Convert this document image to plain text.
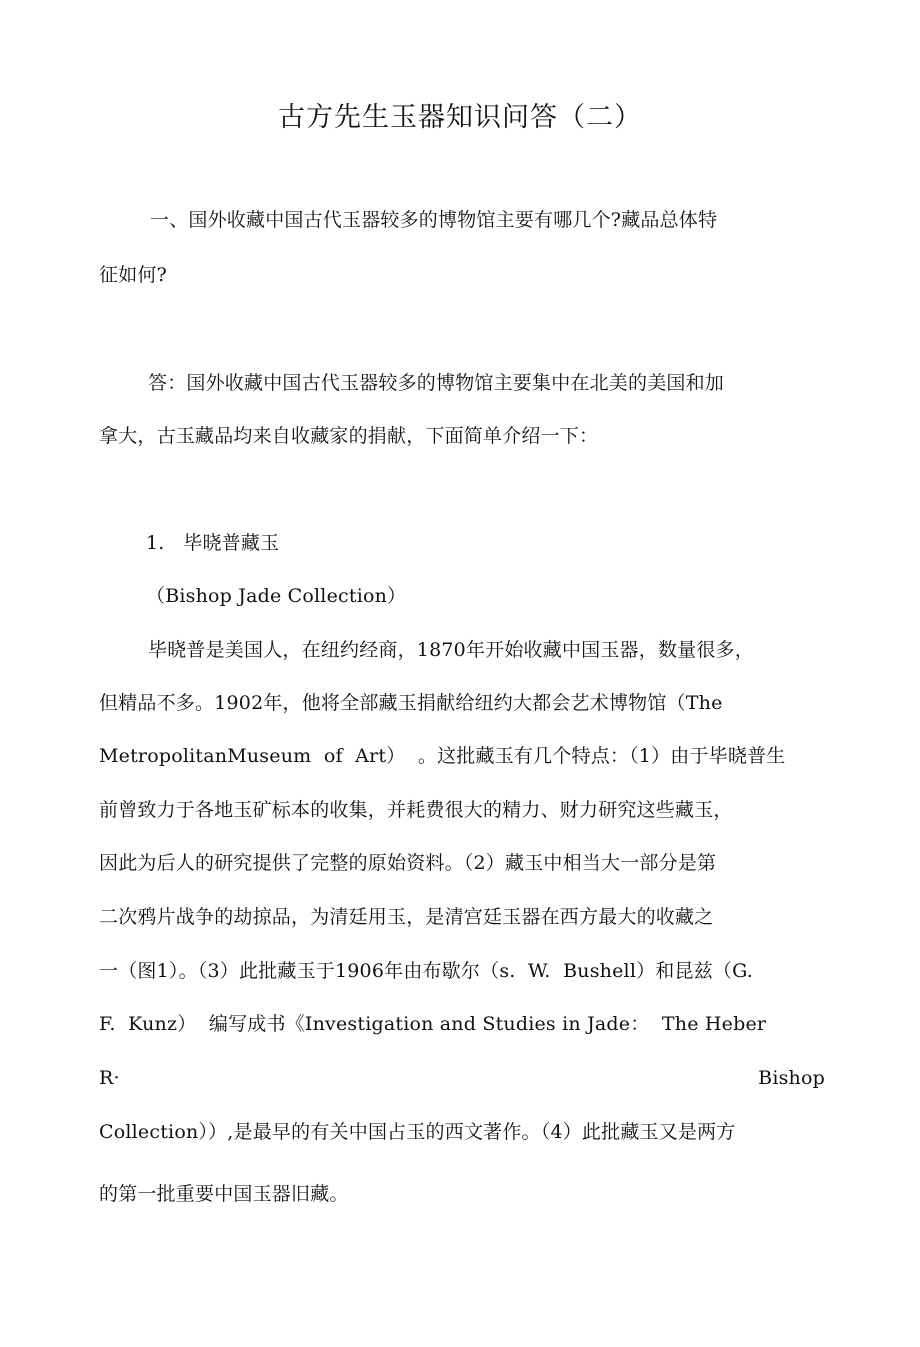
古方先生玉器知识问答（二）
一、国外收藏中国古代玉器较多的博物馆主要有哪几个?藏品总体特
征如何?
答：国外收藏中国古代玉器较多的博物馆主要集中在北美的美国和加
拿大，古玉藏品均来自收藏家的捐献，下面简单介绍一下：
1.   毕晓普藏玉
（Bishop Jade Collection）
毕晓普是美国人，在纽约经商，1870年开始收藏中国玉器，数量很多，
但精品不多。1902年，他将全部藏玉捐献给纽约大都会艺术博物馆（The
MetropolitanMuseum  of  Art）  。这批藏玉有几个特点：（1）由于毕晓普生
前曾致力于各地玉矿标本的收集，并耗费很大的精力、财力研究这些藏玉，
因此为后人的研究提供了完整的原始资料。（2）藏玉中相当大一部分是第
二次鸦片战争的劫掠品，为清廷用玉，是清宫廷玉器在西方最大的收藏之
一（图1）。（3）此批藏玉于1906年由布歇尔（s.  W.  Bushell）和昆兹（G.
F.  Kunz）  编写成书《Investigation and Studies in Jade：  The Heber
R·	Bishop
Collection））,是最早的有关中国占玉的西文著作。（4）此批藏玉又是两方
的第一批重要中国玉器旧藏。
